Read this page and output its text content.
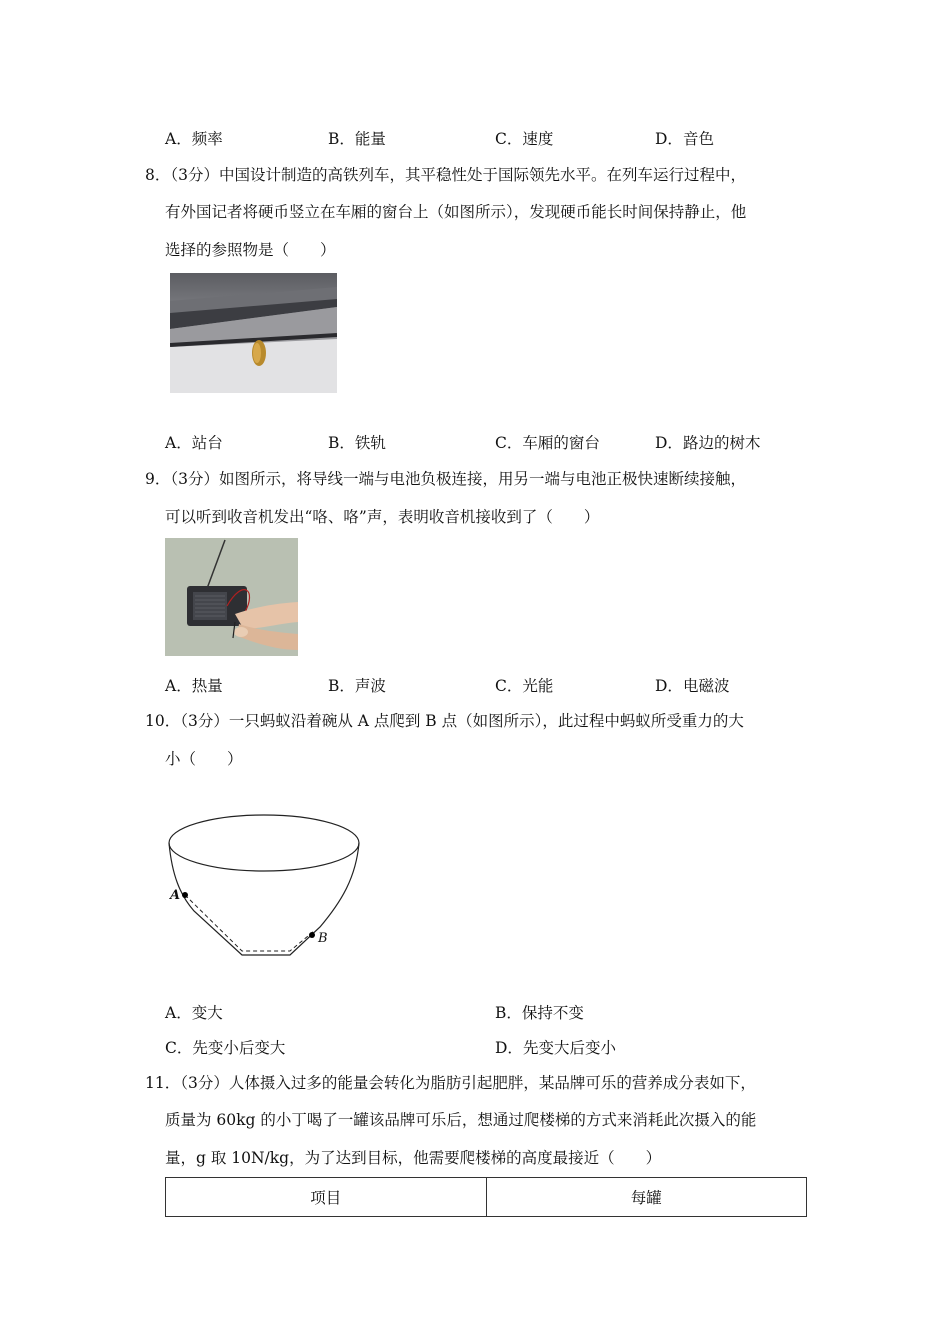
A．频率	B．能量	C．速度	D．音色
8．（3分）中国设计制造的高铁列车，其平稳性处于国际领先水平。在列车运行过程中，
有外国记者将硬币竖立在车厢的窗台上（如图所示），发现硬币能长时间保持静止，他
选择的参照物是（　　）
A．站台	B．铁轨	C．车厢的窗台	D．路边的树木
9．（3分）如图所示，将导线一端与电池负极连接，用另一端与电池正极快速断续接触，
可以听到收音机发出“咯、咯”声，表明收音机接收到了（　　）
A．热量	B．声波	C．光能	D．电磁波
10．（3分）一只蚂蚁沿着碗从 A 点爬到 B 点（如图所示），此过程中蚂蚁所受重力的大
小（　　）
A
B
A．变大	B．保持不变
C．先变小后变大	D．先变大后变小
11．（3分）人体摄入过多的能量会转化为脂肪引起肥胖，某品牌可乐的营养成分表如下，
质量为 60kg 的小丁喝了一罐该品牌可乐后，想通过爬楼梯的方式来消耗此次摄入的能
量，g 取 10N/kg，为了达到目标，他需要爬楼梯的高度最接近（　　）
项目	每罐
